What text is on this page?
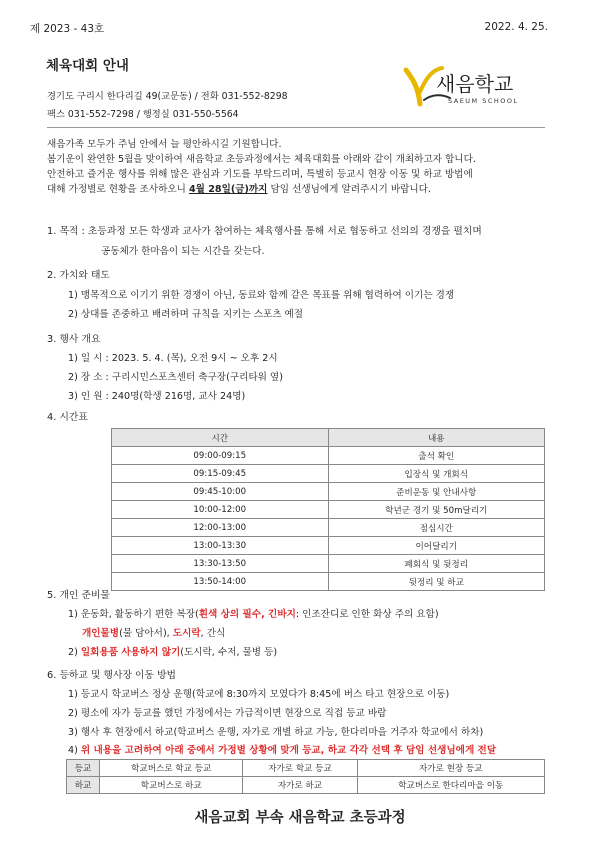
제 2023 - 43호	2022. 4. 25.
체육대회 안내
경기도 구리시 한다리길 49(교문동) / 전화 031-552-8298
팩스 031-552-7298 / 행정실 031-550-5564
새음학교
SAEUM SCHOOL
새음가족 모두가 주님 안에서 늘 평안하시길 기원합니다.
봄기운이 완연한 5월을 맞이하여 새음학교 초등과정에서는 체육대회를 아래와 같이 개최하고자 합니다.
안전하고 즐거운 행사를 위해 많은 관심과 기도를 부탁드리며, 특별히 등교시 현장 이동 및 하교 방법에
대해 가정별로 현황을 조사하오니 4월 28일(금)까지 담임 선생님에게 알려주시기 바랍니다.
1. 목적 : 초등과정 모든 학생과 교사가 참여하는 체육행사를 통해 서로 협동하고 선의의 경쟁을 펼치며
공동체가 한마음이 되는 시간을 갖는다.
2. 가치와 태도
1) 맹목적으로 이기기 위한 경쟁이 아닌, 동료와 함께 같은 목표를 위해 협력하여 이기는 경쟁
2) 상대를 존중하고 배려하며 규칙을 지키는 스포츠 예절
3. 행사 개요
1) 일 시 : 2023. 5. 4. (목), 오전 9시 ~ 오후 2시
2) 장 소 : 구리시민스포츠센터 축구장(구리타워 옆)
3) 인 원 : 240명(학생 216명, 교사 24명)
4. 시간표
시간	내용
09:00-09:15	출석 확인
09:15-09:45	입장식 및 개회식
09:45-10:00	준비운동 및 안내사항
10:00-12:00	학년군 경기 및 50m달리기
12:00-13:00	점심시간
13:00-13:30	이어달리기
13:30-13:50	폐회식 및 뒷정리
13:50-14:00	뒷정리 및 하교
5. 개인 준비물
1) 운동화, 활동하기 편한 복장(흰색 상의 필수, 긴바지: 인조잔디로 인한 화상 주의 요함)
개인물병(물 담아서), 도시락, 간식
2) 일회용품 사용하지 않기(도시락, 수저, 물병 등)
6. 등하교 및 행사장 이동 방법
1) 등교시 학교버스 정상 운행(학교에 8:30까지 모였다가 8:45에 버스 타고 현장으로 이동)
2) 평소에 자가 등교를 했던 가정에서는 가급적이면 현장으로 직접 등교 바람
3) 행사 후 현장에서 하교(학교버스 운행, 자가로 개별 하교 가능, 한다리마을 거주자 학교에서 하차)
4) 위 내용을 고려하여 아래 중에서 가정별 상황에 맞게 등교, 하교 각각 선택 후 담임 선생님에게 전달
등교	학교버스로 학교 등교	자가로 학교 등교	자가로 현장 등교
하교	학교버스로 하교	자가로 하교	학교버스로 한다리마을 이동
새음교회 부속 새음학교 초등과정
